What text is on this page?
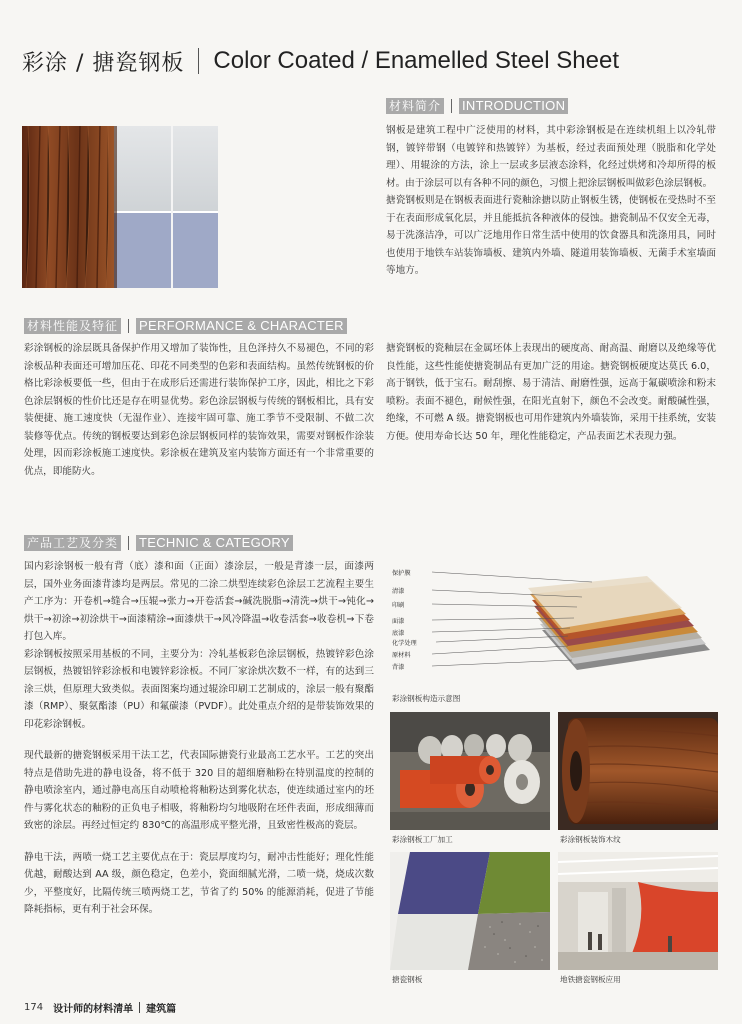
彩涂 / 搪瓷钢板 Color Coated / Enamelled Steel Sheet
材料简介 INTRODUCTION

钢板是建筑工程中广泛使用的材料，其中彩涂钢板是在连续机组上以冷轧带钢，镀锌带钢（电镀锌和热镀锌）为基板，经过表面预处理（脱脂和化学处理）、用辊涂的方法，涂上一层或多层液态涂料，化经过烘烤和冷却所得的板材。由于涂层可以有各种不同的颜色，习惯上把涂层钢板叫做彩色涂层钢板。

搪瓷钢板则是在钢板表面进行瓷釉涂搪以防止钢板生锈，使钢板在受热时不至于在表面形成氧化层，并且能抵抗各种液体的侵蚀。搪瓷制品不仅安全无毒，易于洗涤洁净，可以广泛地用作日常生活中使用的饮食器具和洗涤用具，同时也使用于地铁车站装饰墙板、建筑内外墙、隧道用装饰墙板、无菌手术室墙面等地方。

材料性能及特征 PERFORMANCE & CHARACTER

彩涂钢板的涂层既具备保护作用又增加了装饰性，且色泽持久不易褪色，不同的彩涂板品种表面还可增加压花、印花不同类型的色彩和表面结构。虽然传统钢板的价格比彩涂板要低一些，但由于在成形后还需进行装饰保护工序，因此，相比之下彩色涂层钢板的性价比还是存在明显优势。彩色涂层钢板与传统的钢板相比，具有安装便捷、施工速度快（无湿作业）、连接牢固可靠、施工季节不受限制、不做二次装修等优点。传统的钢板要达到彩色涂层钢板同样的装饰效果，需要对钢板作涂装处理，因而彩涂板施工速度快。彩涂板在建筑及室内装饰方面还有一个非常重要的优点，即能防火。

搪瓷钢板的瓷釉层在金属坯体上表现出的硬度高、耐高温、耐磨以及绝缘等优良性能，这些性能使搪瓷制品有更加广泛的用途。搪瓷钢板硬度达莫氏 6.0，高于钢铁，低于宝石。耐刮擦、易于清洁、耐磨性强，远高于氟碳喷涂和粉末喷粉。表面不褪色，耐候性强，在阳光直射下，颜色不会改变。耐酸碱性强，绝缘，不可燃 A 级。搪瓷钢板也可用作建筑内外墙装饰，采用干挂系统，安装方便。使用寿命长达 50 年，理化性能稳定，产品表面艺术表现力强。

产品工艺及分类 TECHNIC & CATEGORY

国内彩涂钢板一般有背（底）漆和面（正面）漆涂层，一般是背漆一层，面漆两层，国外业务面漆背漆均是两层。常见的二涂二烘型连续彩色涂层工艺流程主要生产工序为：开卷机→缝合→压辊→张力→开卷活套→碱洗脱脂→清洗→烘干→钝化→烘干→初涂→初涂烘干→面漆精涂→面漆烘干→风冷降温→收卷活套→收卷机→下卷打包入库。

彩涂钢板按照采用基板的不同，主要分为：冷轧基板彩色涂层钢板，热镀锌彩色涂层钢板，热镀铝锌彩涂板和电镀锌彩涂板。不同厂家涂烘次数不一样，有的达到三涂三烘，但原理大致类似。表面图案均通过辊涂印刷工艺制成的，涂层一般有聚酯漆（RMP）、聚氨酯漆（PU）和氟碳漆（PVDF）。此处重点介绍的是带装饰效果的印花彩涂钢板。

现代最新的搪瓷钢板采用干法工艺，代表国际搪瓷行业最高工艺水平。工艺的突出特点是借助先进的静电设备，将不低于 320 目的超细磨釉粉在特别温度的控制的静电喷涂室内，通过静电高压自动喷枪将釉粉达到雾化状态，使连续通过室内的坯件与雾化状态的釉粉的正负电子相吸，将釉粉均匀地吸附在坯件表面，形成细薄而致密的涂层。再经过恒定约 830℃的高温形成平整光滑，且致密性极高的瓷层。

静电干法，两喷一烧工艺主要优点在于：瓷层厚度均匀，耐冲击性能好；理化性能优越，耐酸达到 AA 级，颜色稳定，色差小，瓷面细腻光滑，二喷一烧，烧成次数少，平整度好，比隔传统三喷两烧工艺，节省了约 50% 的能源消耗，促进了节能降耗指标，更有利于社会环保。

保护膜
清漆
印刷
面漆
底漆
化学处理
原材料
背漆
彩涂钢板构造示意图
彩涂钢板工厂加工	彩涂钢板装饰木纹
搪瓷钢板	地铁搪瓷钢板应用
174 设计师的材料清单 建筑篇
